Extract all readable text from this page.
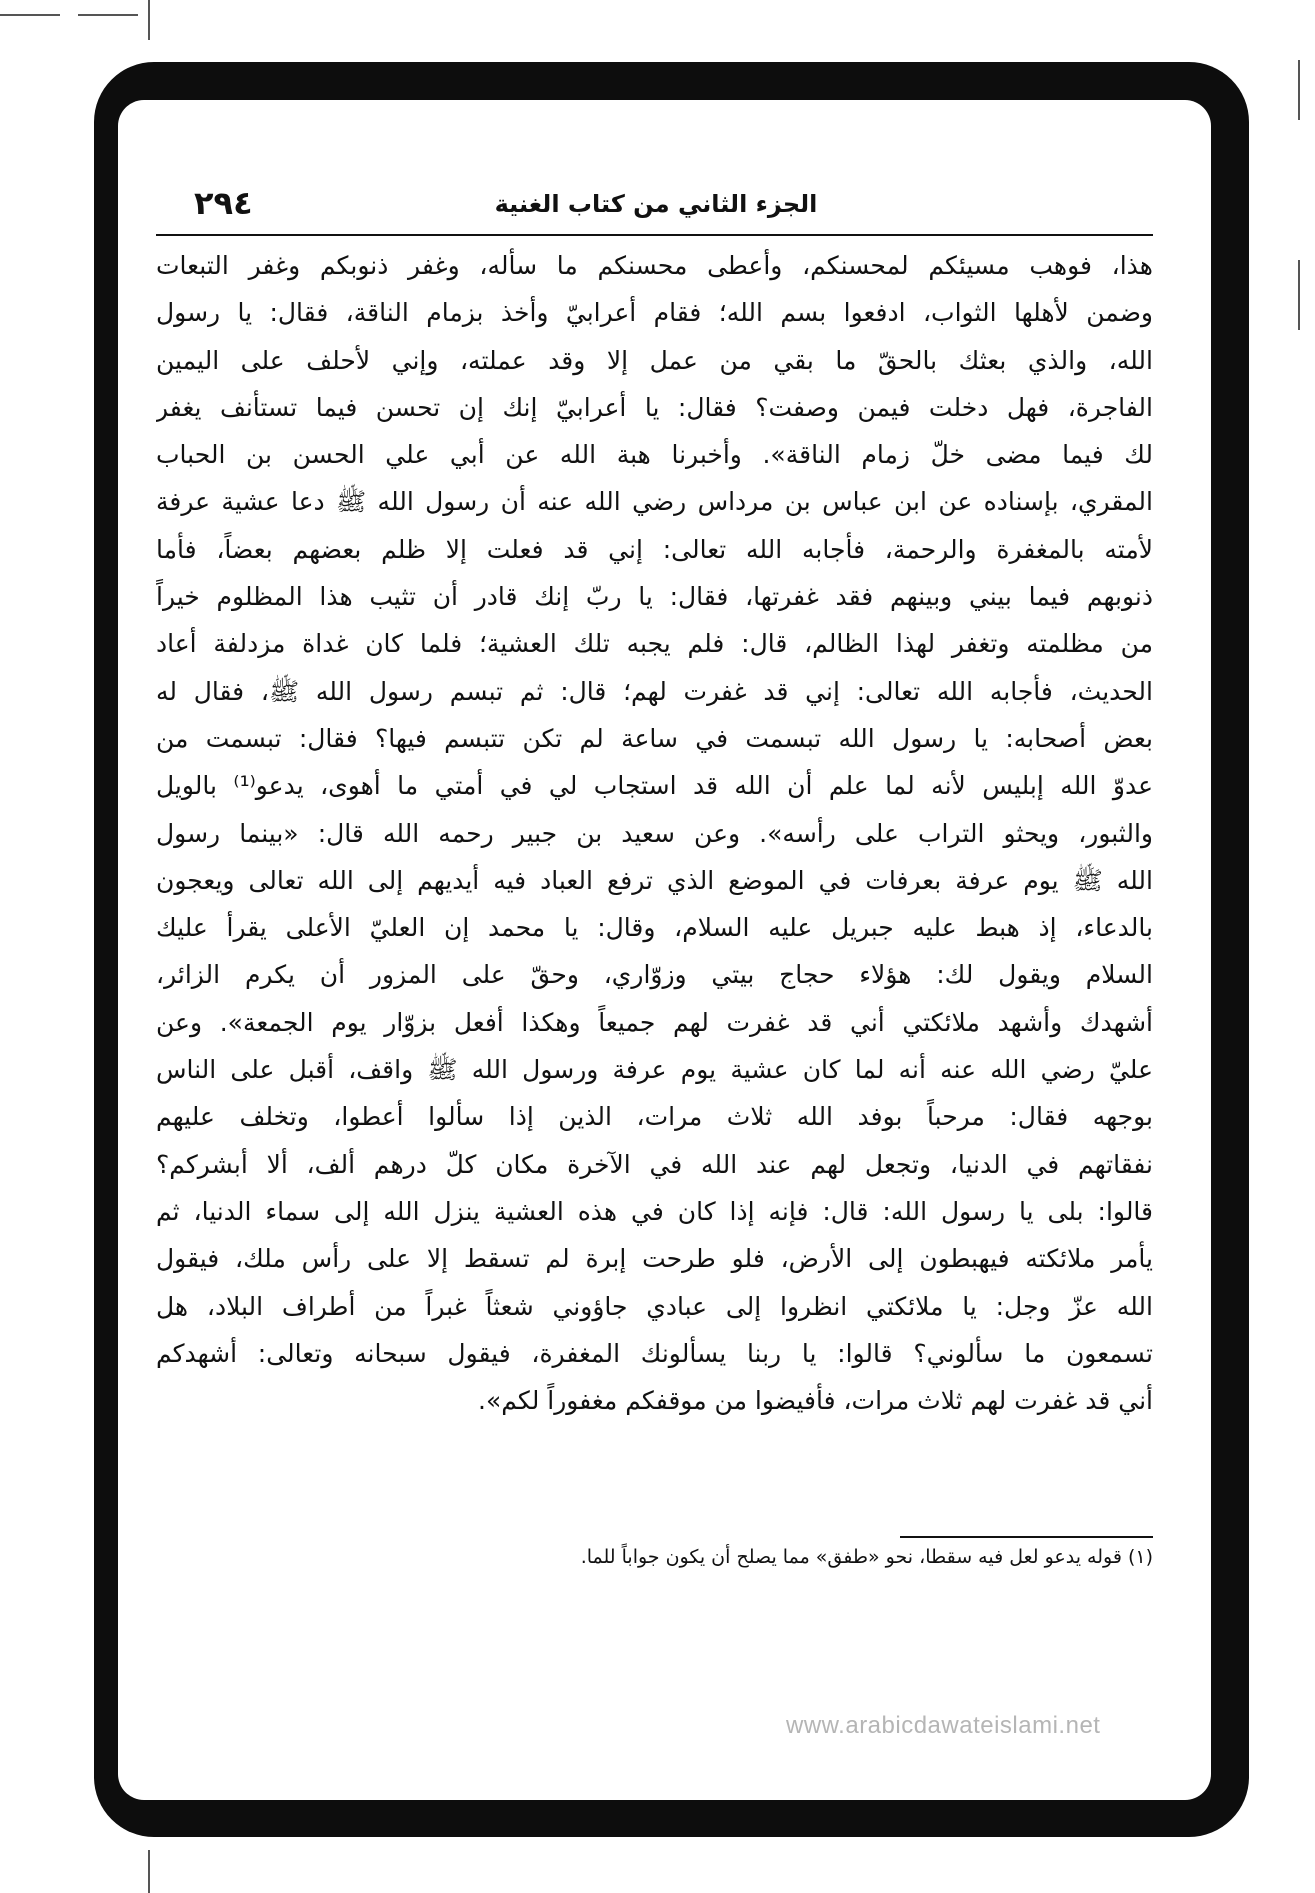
٢٩٤	الجزء الثاني من كتاب الغنية
هذا، فوهب مسيئكم لمحسنكم، وأعطى محسنكم ما سأله، وغفر ذنوبكم وغفر التبعات
وضمن لأهلها الثواب، ادفعوا بسم الله؛ فقام أعرابيّ وأخذ بزمام الناقة، فقال: يا رسول
الله، والذي بعثك بالحقّ ما بقي من عمل إلا وقد عملته، وإني لأحلف على اليمين
الفاجرة، فهل دخلت فيمن وصفت؟ فقال: يا أعرابيّ إنك إن تحسن فيما تستأنف يغفر
لك فيما مضى خلّ زمام الناقة». وأخبرنا هبة الله عن أبي علي الحسن بن الحباب
المقري، بإسناده عن ابن عباس بن مرداس رضي الله عنه أن رسول الله ﷺ دعا عشية عرفة
لأمته بالمغفرة والرحمة، فأجابه الله تعالى: إني قد فعلت إلا ظلم بعضهم بعضاً، فأما
ذنوبهم فيما بيني وبينهم فقد غفرتها، فقال: يا ربّ إنك قادر أن تثيب هذا المظلوم خيراً
من مظلمته وتغفر لهذا الظالم، قال: فلم يجبه تلك العشية؛ فلما كان غداة مزدلفة أعاد
الحديث، فأجابه الله تعالى: إني قد غفرت لهم؛ قال: ثم تبسم رسول الله ﷺ، فقال له
بعض أصحابه: يا رسول الله تبسمت في ساعة لم تكن تتبسم فيها؟ فقال: تبسمت من
عدوّ الله إبليس لأنه لما علم أن الله قد استجاب لي في أمتي ما أهوى، يدعو⁽¹⁾ بالويل
والثبور، ويحثو التراب على رأسه». وعن سعيد بن جبير رحمه الله قال: «بينما رسول
الله ﷺ يوم عرفة بعرفات في الموضع الذي ترفع العباد فيه أيديهم إلى الله تعالى ويعجون
بالدعاء، إذ هبط عليه جبريل عليه السلام، وقال: يا محمد إن العليّ الأعلى يقرأ عليك
السلام ويقول لك: هؤلاء حجاج بيتي وزوّاري، وحقّ على المزور أن يكرم الزائر،
أشهدك وأشهد ملائكتي أني قد غفرت لهم جميعاً وهكذا أفعل بزوّار يوم الجمعة». وعن
عليّ رضي الله عنه أنه لما كان عشية يوم عرفة ورسول الله ﷺ واقف، أقبل على الناس
بوجهه فقال: مرحباً بوفد الله ثلاث مرات، الذين إذا سألوا أعطوا، وتخلف عليهم
نفقاتهم في الدنيا، وتجعل لهم عند الله في الآخرة مكان كلّ درهم ألف، ألا أبشركم؟
قالوا: بلى يا رسول الله: قال: فإنه إذا كان في هذه العشية ينزل الله إلى سماء الدنيا، ثم
يأمر ملائكته فيهبطون إلى الأرض، فلو طرحت إبرة لم تسقط إلا على رأس ملك، فيقول
الله عزّ وجل: يا ملائكتي انظروا إلى عبادي جاؤوني شعثاً غبراً من أطراف البلاد، هل
تسمعون ما سألوني؟ قالوا: يا ربنا يسألونك المغفرة، فيقول سبحانه وتعالى: أشهدكم
أني قد غفرت لهم ثلاث مرات، فأفيضوا من موقفكم مغفوراً لكم».
(١) قوله يدعو لعل فيه سقطا، نحو «طفق» مما يصلح أن يكون جواباً للما.
www.arabicdawateislami.net
